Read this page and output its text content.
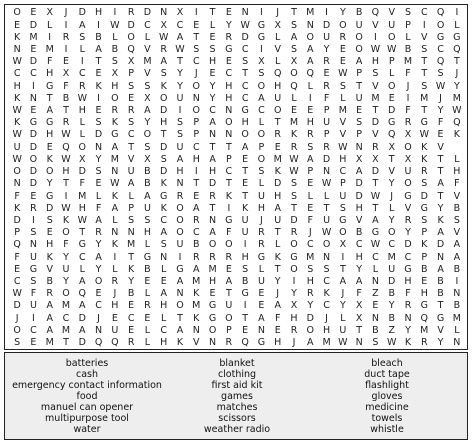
O	E	X	J	D H	I	R D N X	I	T	E	N	I	J	T M	I	Y	B Q V	S	C Q	I
E	D	L	I	A	I	W D C	X	C	E	L	Y W G X	S	N D O U	V	U	P	I	O	L
K M	I	R	S	B	L	O	L W A	T	E	R D G	L	A O U	R O	I	O	L	V G G
N	E M	I	L	A	B Q V	R W S	S	G C	I	V	S	A	Y	E	O W W B	S	C Q
W D	F	E	I	T	S	X M A	T	C H	E	S	X	L	X	A	R	E	A H	P M T	Q	T
C	C H X	C	E	X	P	V	S	Y	J	E	C	T	S	Q O Q	E W P	S	L	F	T	S	J
H	I	G	F	R	K	H	S	S	K	Y	O	Y	H C O H Q	L	R	S	T	V O	J	S W Y
K	N	T	B W	I	O	E	X O U N	Y	H C	A	U	L	I	F	L	U M E	I	M	J	M
W E	A	T	H	E	R	R	A D	I	O C N G C O	E	E	P M E	T	D	F	T	Y W
K G G R	L	S	K	S	Y	H	S	P	A O H	L	T M H U	V	S	D G R G	F	Q
W D H W L	D G C O	T	S	P	N N O O R	K	R	P	V	P	V Q X W E	K
U D	E	Q O N A	T	S	D U C	T	T	A	P	E	R	S	R W N R	X O K	V
W O K W X	Y M V	X	S	A H A	P	E	O M W A D H X	X	T	X	K	T	L
O D O H D	S	N U	B D H	I	H C	T	S	K W P	N C	A D V	U	R	T	H
N D	Y	T	F	E W A	B	K	N	T	D	T	E	L	D	S	E W P	D	T	Y	O	S	A	F
F	E	G	I	M	L	K	L	A G R	E	R	K	T	U H	S	L	L	U D W	J	G D	T	V
K	R D W H	F	A	P	U	K O A	T	I	K	H A	T	E	T	S	H	T	L	V G	Y	B
D	I	S	K W A	L	S	S	C O R N G U	J	U D	F	U G V	A	Y	R	S	K	S
P	S	E	O	T	R N N H A O C	A	F	U R	T	R	J	W O B G O	Y	P	A	V
Q N H	F	G	Y	K M	L	S	U	B O O	I	R	L	O C O X	C W C D	K	D A
F	U	K	Y	C	A	I	T	G N	I	R	R	R H G K G M N	I	H C M C	P	N A
E	G V	U	L	Y	L	K	B	L	G A M E	S	L	T	O	S	S	T	Y	L	U G B	A	B
C	S	B	Y	A O R	Y	E	E	A M H A	B	U	Y	I	H C	A	A N D H	E	B	I
W F	R O Q	E	J	B	L	A N	K	E	T	G	E	J	Y	R	K	J	F	Z	B	F	H B N
D U	A M A	C H	E	R H O M G U	I	E	A	X	Y	C	Y	X	E	Y	R G	T	B
J	I	A	C D	J	E	C	E	L	T	K G O	T	A	F	H D	J	L	X N B N Q G M
O C	A M A N U	E	L	C	A N O	P	E	N	E	R O H U	T	B	Z	Y M V	L
S	E M T	D Q Q R	L	H	K	V N R Q G H	J	A M W N	S W K	R	Y	N
batteries
cash
emergency contact information
food
manuel can opener
multipurpose tool
water
blanket
clothing
first aid kit
games
matches
scissors
weather radio
bleach
duct tape
flashlight
gloves
medicine
towels
whistle
